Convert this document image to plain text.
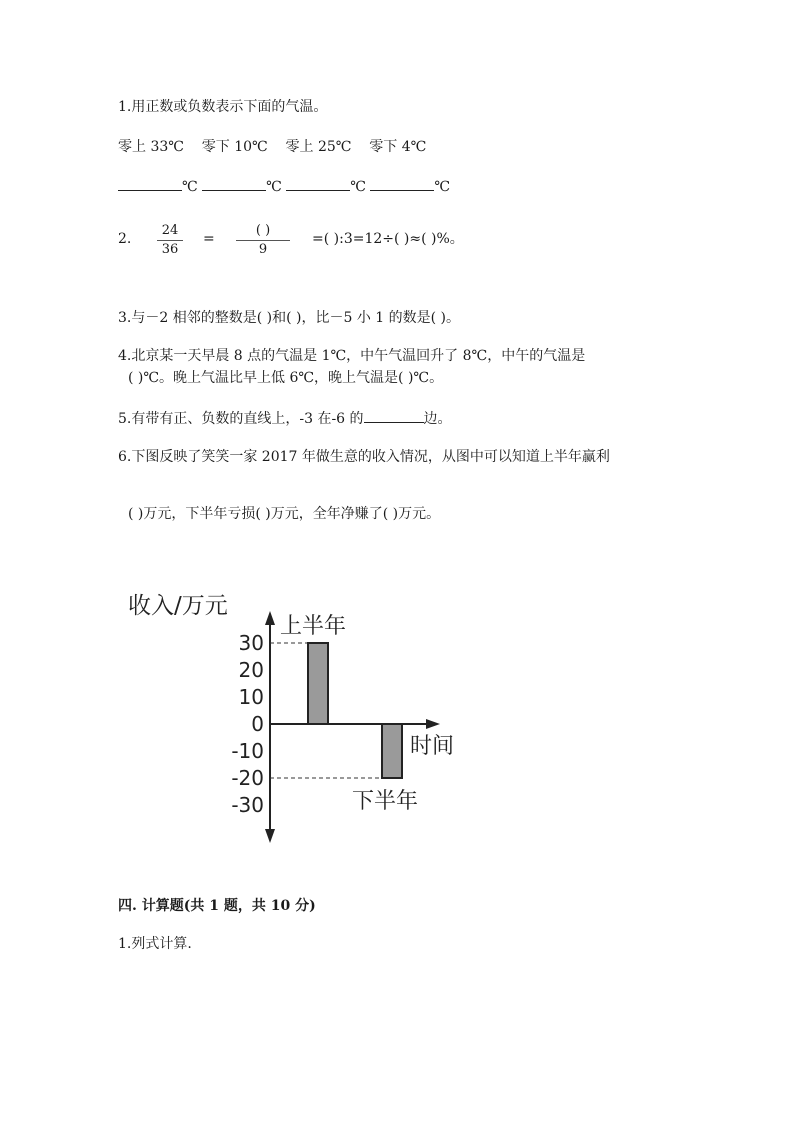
1.用正数或负数表示下面的气温。
零上 33℃ 零下 10℃ 零上 25℃ 零下 4℃
℃	℃	℃	℃
2.
24
36
=
( )
9
=( ):3=12÷( )≈( )%。
3.与－2 相邻的整数是( )和( )，比－5 小 1 的数是( )。
4.北京某一天早晨 8 点的气温是 1℃，中午气温回升了 8℃，中午的气温是
( )℃。晚上气温比早上低 6℃，晚上气温是( )℃。
5.有带有正、负数的直线上，-3 在-6 的	边。
6.下图反映了笑笑一家 2017 年做生意的收入情况，从图中可以知道上半年赢利
( )万元，下半年亏损( )万元，全年净赚了( )万元。
30
20
10
0
-10
-20
-30
收入/万元
时间
上半年
下半年
四. 计算题(共 1 题，共 10 分)
1.列式计算.
